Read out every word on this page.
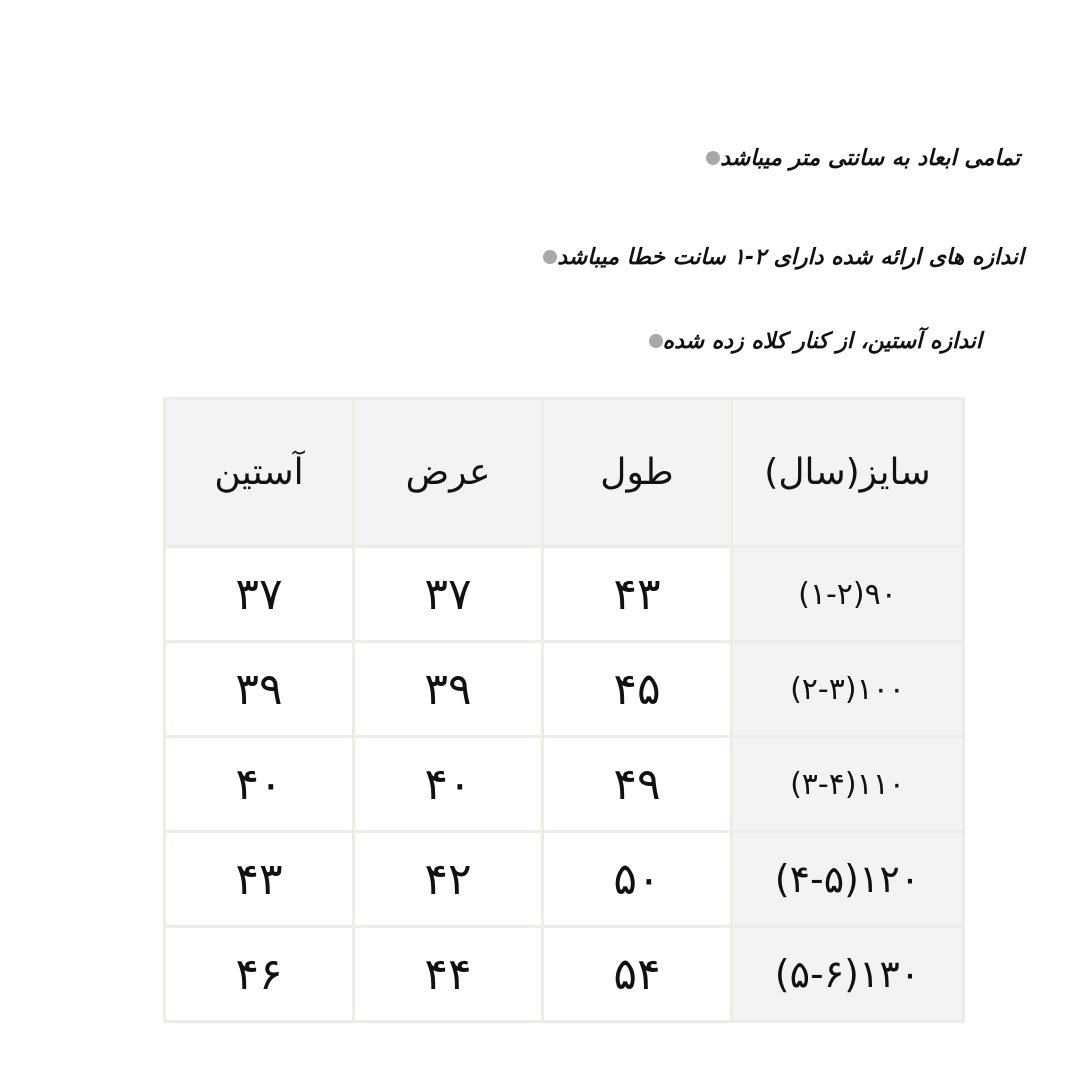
تمامی ابعاد به سانتی متر میباشد
اندازه های ارائه شده دارای ۲-۱ سانت خطا میباشد
اندازه آستین، از کنار کلاه زده شده
سایز(سال)	طول	عرض	آستین
۹۰(۱-۲)	۴۳	۳۷	۳۷
۱۰۰(۲-۳)	۴۵	۳۹	۳۹
۱۱۰(۳-۴)	۴۹	۴۰	۴۰
۱۲۰(۴-۵)	۵۰	۴۲	۴۳
۱۳۰(۵-۶)	۵۴	۴۴	۴۶
